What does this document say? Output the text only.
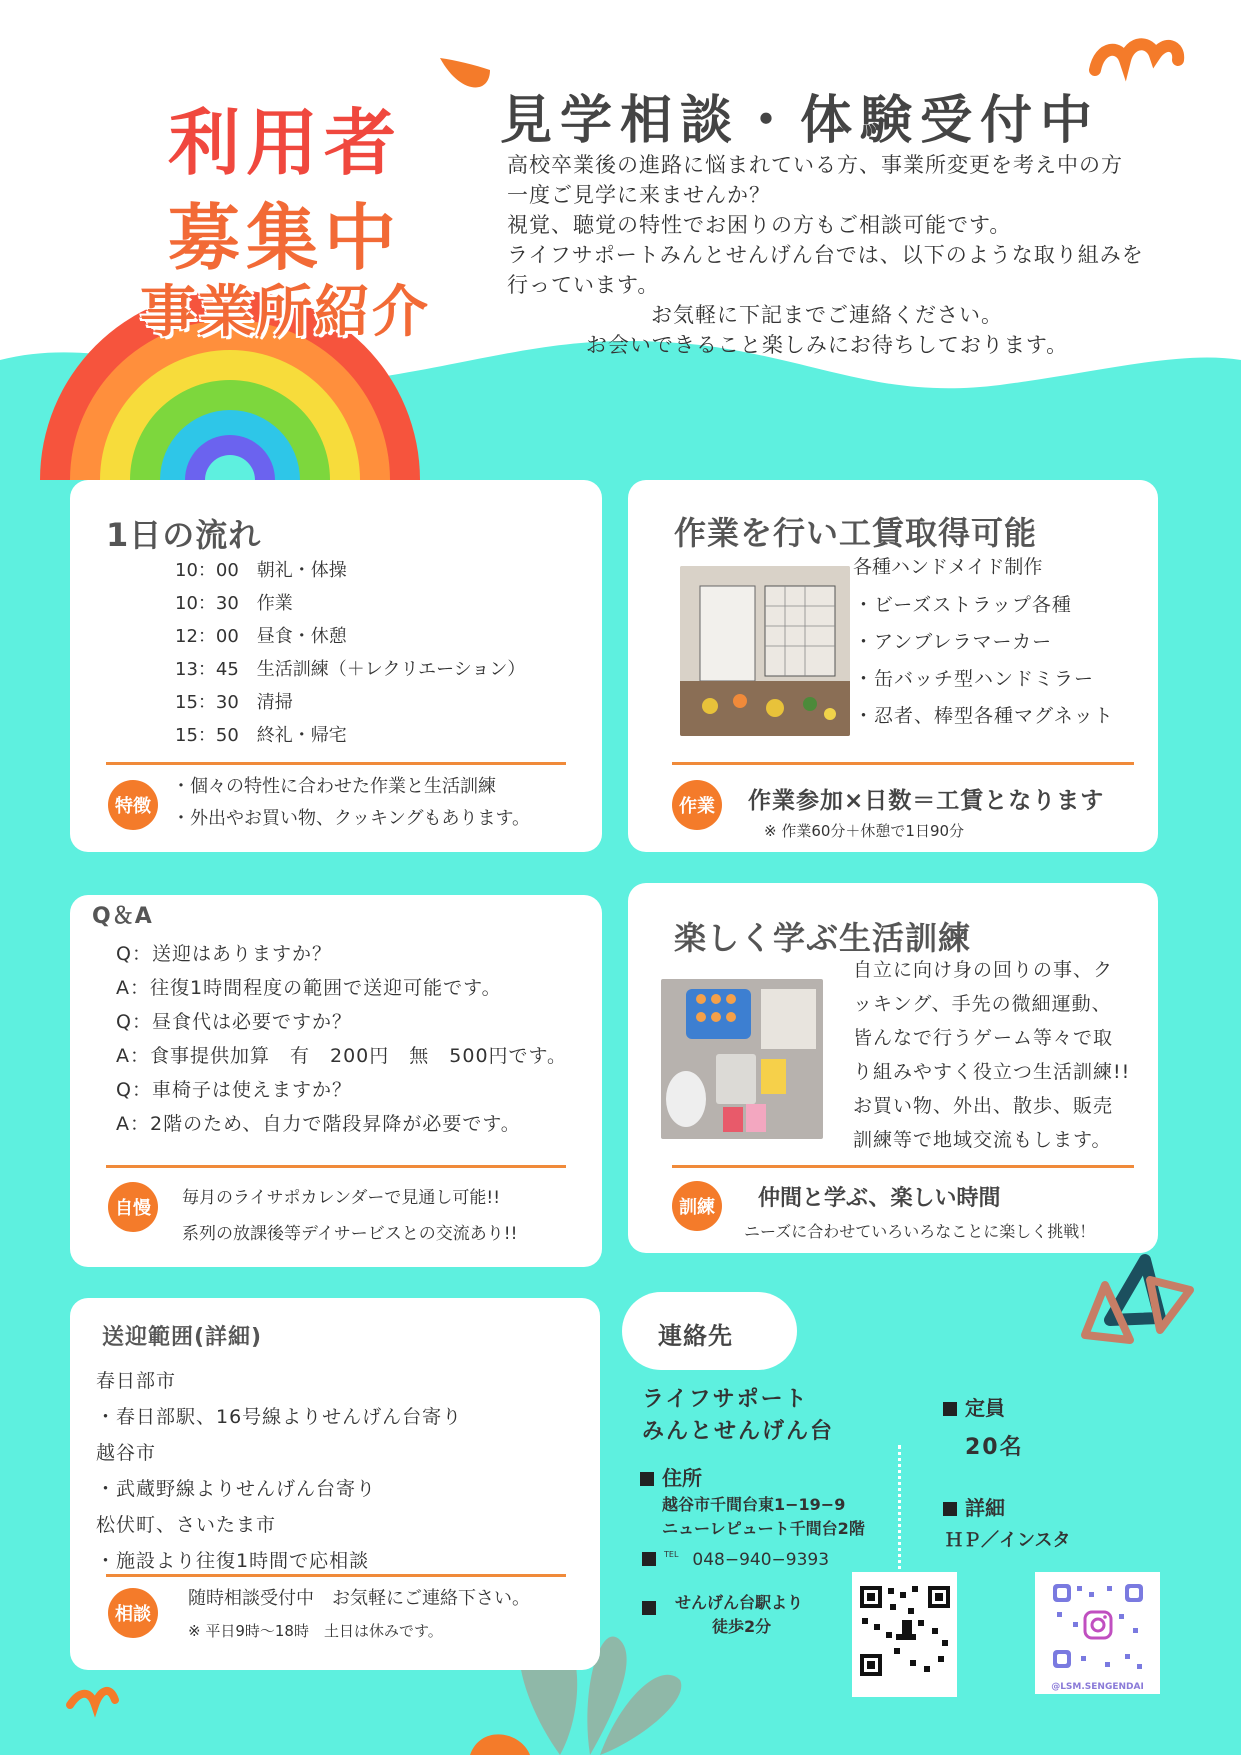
利用者
募集中
事業所紹介
見学相談・体験受付中

高校卒業後の進路に悩まれている方、事業所変更を考え中の方

一度ご見学に来ませんか？

視覚、聴覚の特性でお困りの方もご相談可能です。

ライフサポートみんとせんげん台では、以下のような取り組みを

行っています。

お気軽に下記までご連絡ください。

お会いできること楽しみにお待ちしております。

1日の流れ
10：00　朝礼・体操
10：30　作業
12：00　昼食・休憩
13：45　生活訓練（＋レクリエーション）
15：30　清掃
15：50　終礼・帰宅
特徴
・個々の特性に合わせた作業と生活訓練
・外出やお買い物、クッキングもあります。
作業を行い工賃取得可能
各種ハンドメイド制作
・ビーズストラップ各種
・アンブレラマーカー
・缶バッチ型ハンドミラー
・忍者、棒型各種マグネット
作業	作業参加×日数＝工賃となります
※ 作業60分＋休憩で1日90分
Q＆A
Q：送迎はありますか？
A：往復1時間程度の範囲で送迎可能です。
Q：昼食代は必要ですか？
A：食事提供加算　有　200円　無　500円です。
Q：車椅子は使えますか？
A：2階のため、自力で階段昇降が必要です。
自慢	毎月のライサポカレンダーで見通し可能!!
系列の放課後等デイサービスとの交流あり!!
楽しく学ぶ生活訓練
自立に向け身の回りの事、ク
ッキング、手先の微細運動、
皆んなで行うゲーム等々で取
り組みやすく役立つ生活訓練!!
お買い物、外出、散歩、販売
訓練等で地域交流もします。
訓練	仲間と学ぶ、楽しい時間
ニーズに合わせていろいろなことに楽しく挑戦！
送迎範囲(詳細)
春日部市
・春日部駅、16号線よりせんげん台寄り
越谷市
・武蔵野線よりせんげん台寄り
松伏町、さいたま市
・施設より往復1時間で応相談
相談
随時相談受付中　お気軽にご連絡下さい。
※ 平日9時～18時　土日は休みです。
連絡先
ライフサポート
みんとせんげん台
住所
越谷市千間台東1−19−9
ニューレピュート千間台2階
$^{TEL}$ 048−940−9393
せんげん台駅より
徒歩2分
定員
20名
詳細
ＨＰ／インスタ
@LSM.SENGENDAI
